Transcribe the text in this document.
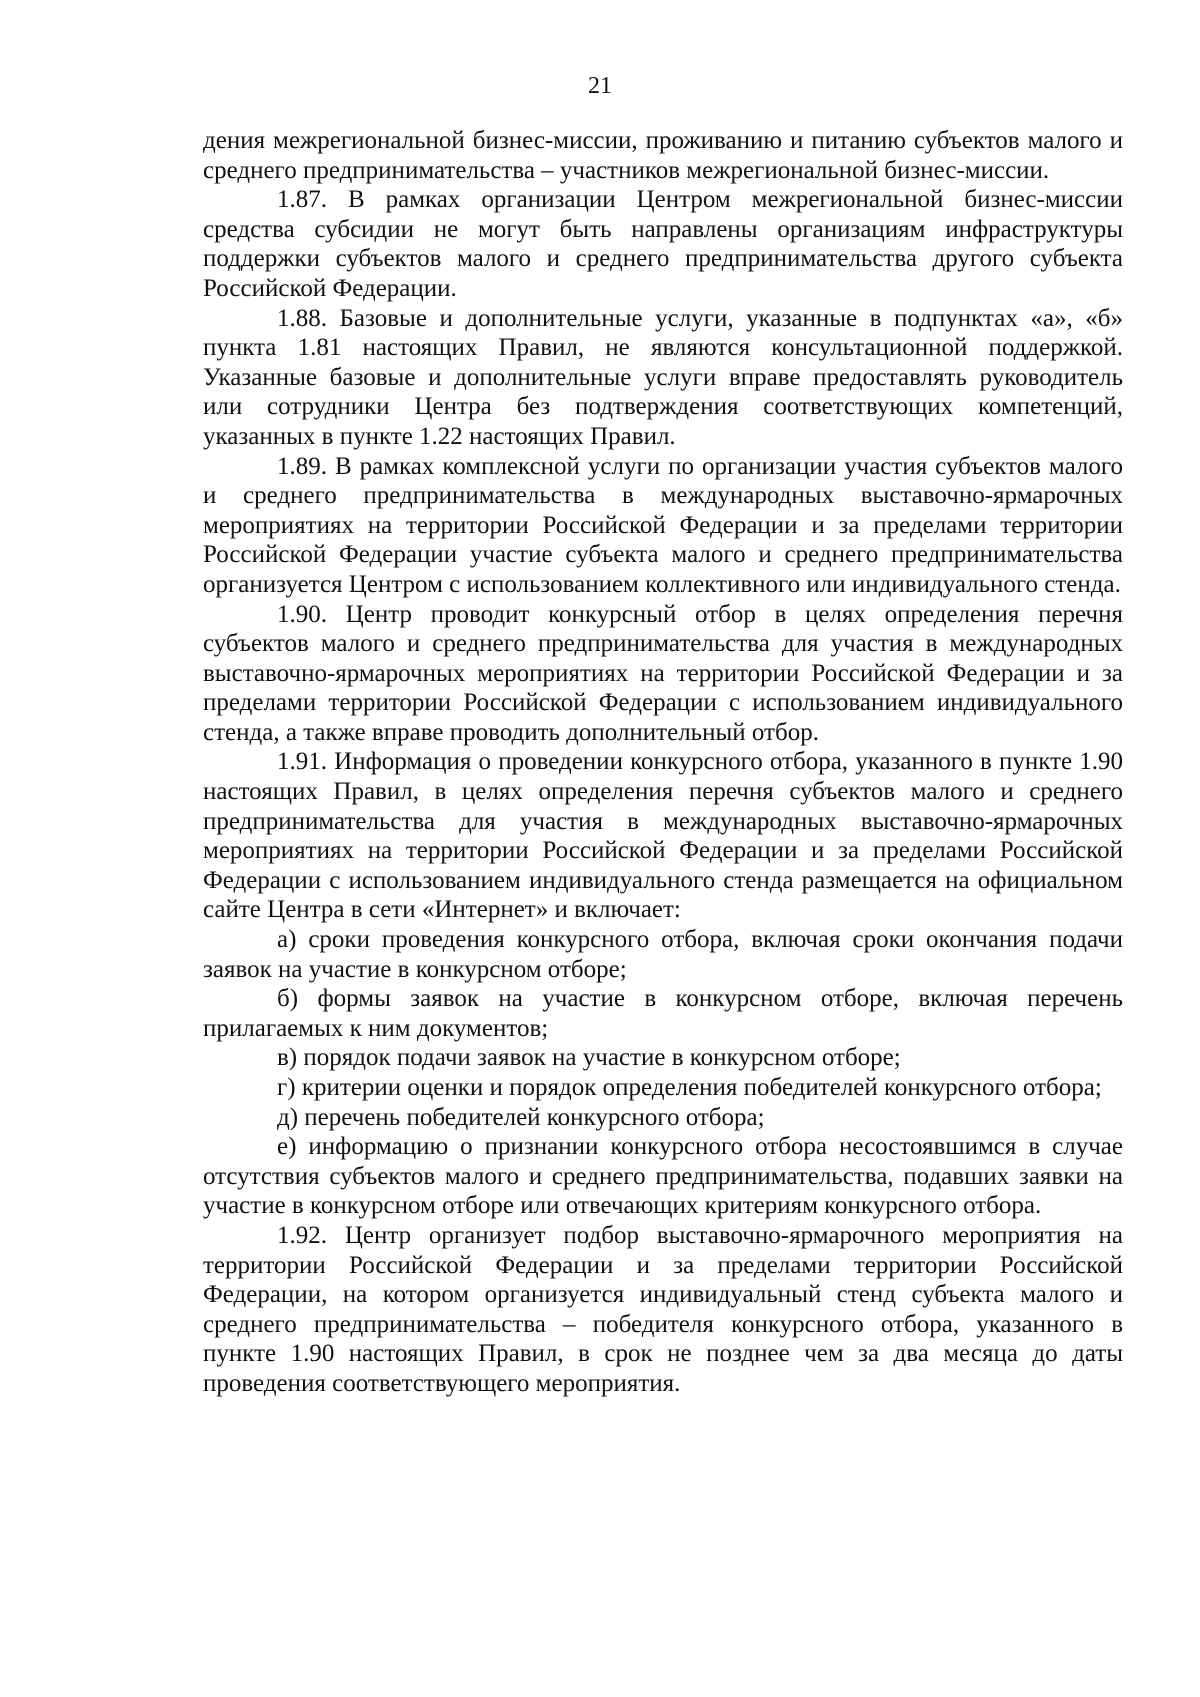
21

дения межрегиональной бизнес-миссии, проживанию и питанию субъектов малого и среднего предпринимательства – участников межрегиональной бизнес-миссии.

1.87. В рамках организации Центром межрегиональной бизнес-миссии средства субсидии не могут быть направлены организациям инфраструктуры поддержки субъектов малого и среднего предпринимательства другого субъекта Российской Федерации.

1.88. Базовые и дополнительные услуги, указанные в подпунктах «а», «б» пункта 1.81 настоящих Правил, не являются консультационной поддержкой. Указанные базовые и дополнительные услуги вправе предоставлять руководитель или сотрудники Центра без подтверждения соответствующих компетенций, указанных в пункте 1.22 настоящих Правил.

1.89. В рамках комплексной услуги по организации участия субъектов малого и среднего предпринимательства в международных выставочно-ярмарочных мероприятиях на территории Российской Федерации и за пределами территории Российской Федерации участие субъекта малого и среднего предпринимательства организуется Центром с использованием коллективного или индивидуального стенда.

1.90. Центр проводит конкурсный отбор в целях определения перечня субъектов малого и среднего предпринимательства для участия в международных выставочно-ярмарочных мероприятиях на территории Российской Федерации и за пределами территории Российской Федерации с использованием индивидуального стенда, а также вправе проводить дополнительный отбор.

1.91. Информация о проведении конкурсного отбора, указанного в пункте 1.90 настоящих Правил, в целях определения перечня субъектов малого и среднего предпринимательства для участия в международных выставочно-ярмарочных мероприятиях на территории Российской Федерации и за пределами Российской Федерации с использованием индивидуального стенда размещается на официальном сайте Центра в сети «Интернет» и включает:

а) сроки проведения конкурсного отбора, включая сроки окончания подачи заявок на участие в конкурсном отборе;

б) формы заявок на участие в конкурсном отборе, включая перечень прилагаемых к ним документов;

в) порядок подачи заявок на участие в конкурсном отборе;

г) критерии оценки и порядок определения победителей конкурсного отбора;

д) перечень победителей конкурсного отбора;

е) информацию о признании конкурсного отбора несостоявшимся в случае отсутствия субъектов малого и среднего предпринимательства, подавших заявки на участие в конкурсном отборе или отвечающих критериям конкурсного отбора.

1.92. Центр организует подбор выставочно-ярмарочного мероприятия на территории Российской Федерации и за пределами территории Российской Федерации, на котором организуется индивидуальный стенд субъекта малого и среднего предпринимательства – победителя конкурсного отбора, указанного в пункте 1.90 настоящих Правил, в срок не позднее чем за два месяца до даты проведения соответствующего мероприятия.
